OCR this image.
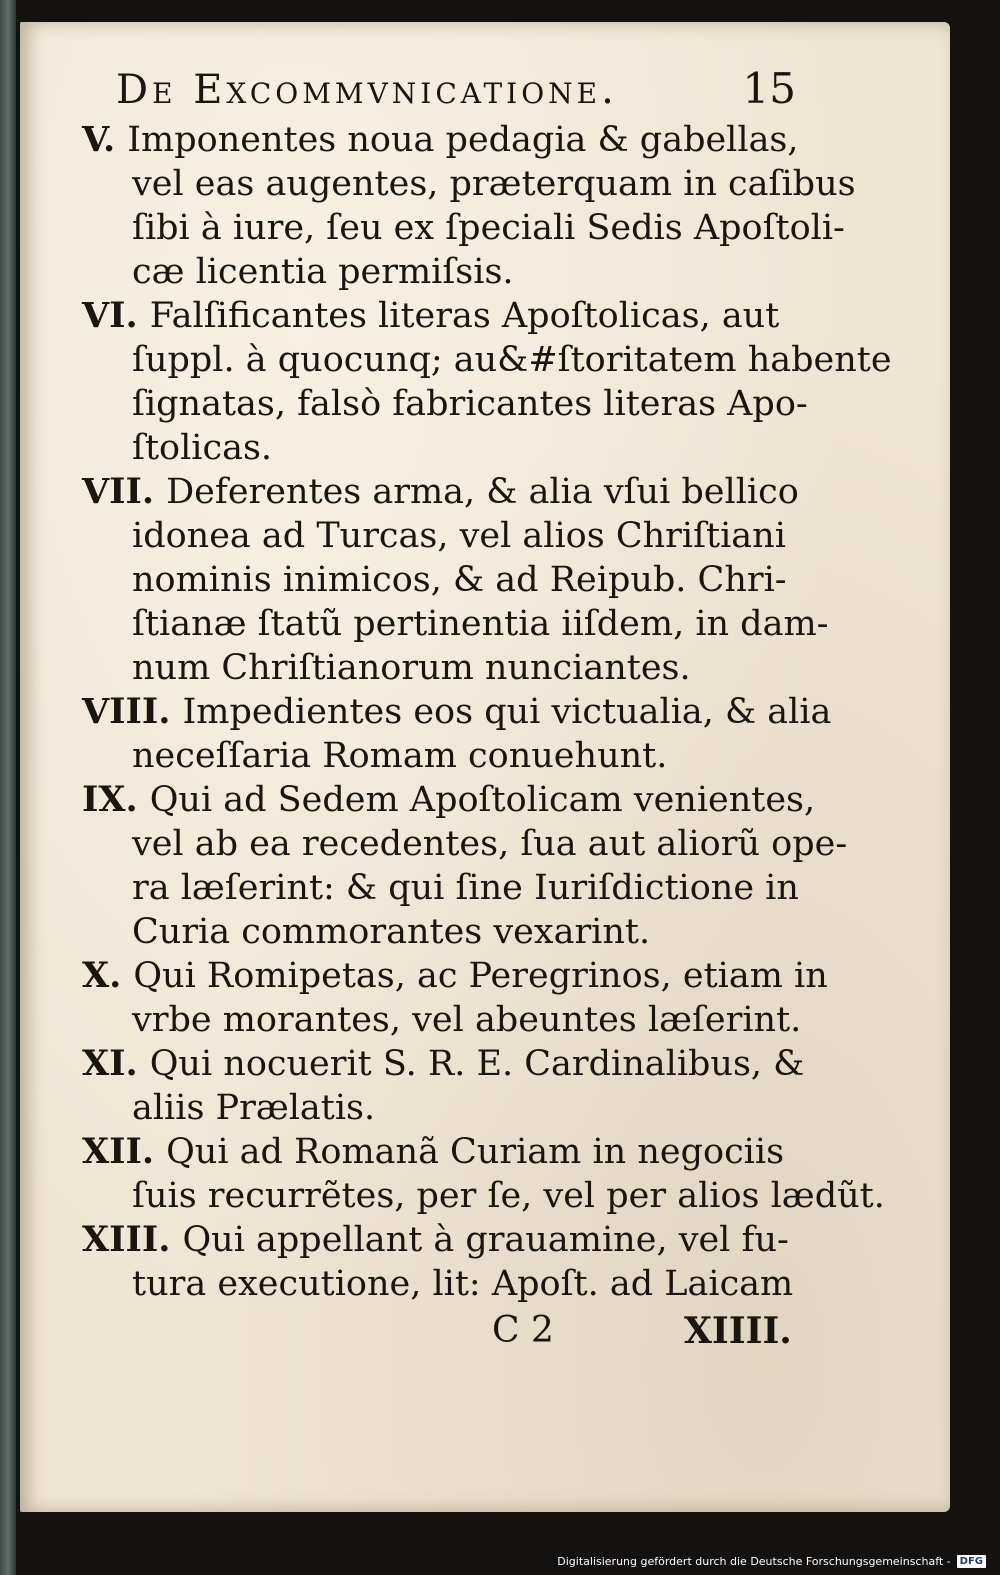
De Excommvnicatione.	15
V. Imponentes noua pedagia & gabellas,
vel eas augentes, præterquam in caſibus
ſibi à iure, ſeu ex ſpeciali Sedis Apoſtoli-
cæ licentia permiſsis.
VI. Falſificantes literas Apoſtolicas, aut
ſuppl. à quocunq; au&#ſtoritatem habente
ſignatas, falsò fabricantes literas Apo-
ſtolicas.
VII. Deferentes arma, & alia vſui bellico
idonea ad Turcas, vel alios Chriſtiani
nominis inimicos, & ad Reipub. Chri-
ſtianæ ſtatũ pertinentia iiſdem, in dam-
num Chriſtianorum nunciantes.
VIII. Impedientes eos qui victualia, & alia
neceſſaria Romam conuehunt.
IX. Qui ad Sedem Apoſtolicam venientes,
vel ab ea recedentes, ſua aut aliorũ ope-
ra læſerint: & qui ſine Iuriſdictione in
Curia commorantes vexarint.
X. Qui Romipetas, ac Peregrinos, etiam in
vrbe morantes, vel abeuntes læſerint.
XI. Qui nocuerit S. R. E. Cardinalibus, &
aliis Prælatis.
XII. Qui ad Romanã Curiam in negociis
ſuis recurrẽtes, per ſe, vel per alios lædũt.
XIII. Qui appellant à grauamine, vel fu-
tura executione, lit: Apoſt. ad Laicam
C 2	XIIII.
Digitalisierung gefördert durch die Deutsche Forschungsgemeinschaft - DFG
